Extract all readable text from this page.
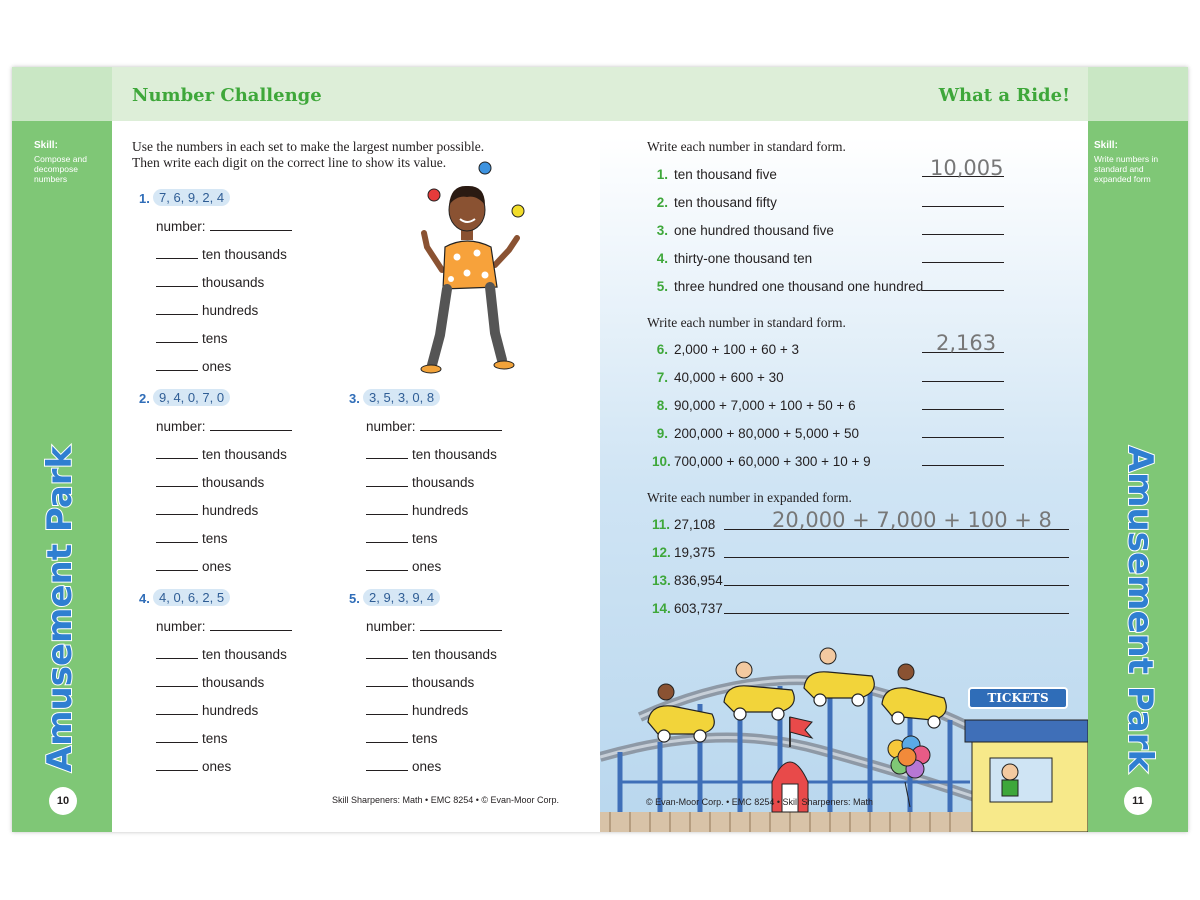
Skill:
Compose and decompose numbers
Amusement Park
10
Number Challenge
Use the numbers in each set to make the largest number possible.
Then write each digit on the correct line to show its value.
1. 7, 6, 9, 2, 4
number:
ten thousands
thousands
hundreds
tens
ones
2. 9, 4, 0, 7, 0
number:
ten thousands
thousands
hundreds
tens
ones
3. 3, 5, 3, 0, 8
number:
ten thousands
thousands
hundreds
tens
ones
4. 4, 0, 6, 2, 5
number:
ten thousands
thousands
hundreds
tens
ones
5. 2, 9, 3, 9, 4
number:
ten thousands
thousands
hundreds
tens
ones
Skill Sharpeners: Math • EMC 8254 • © Evan-Moor Corp.
What a Ride!
Write each number in standard form.
1. ten thousand five	10,005
2. ten thousand fifty
3. one hundred thousand five
4. thirty-one thousand ten
5. three hundred one thousand one hundred
Write each number in standard form.
6. 2,000 + 100 + 60 + 3	2,163
7. 40,000 + 600 + 30
8. 90,000 + 7,000 + 100 + 50 + 6
9. 200,000 + 80,000 + 5,000 + 50
10. 700,000 + 60,000 + 300 + 10 + 9
Write each number in expanded form.
11. 27,108	20,000 + 7,000 + 100 + 8
12. 19,375
13. 836,954
14. 603,737
TICKETS
© Evan-Moor Corp. • EMC 8254 • Skill Sharpeners: Math
Skill:
Write numbers in standard and expanded form
Amusement Park
11
